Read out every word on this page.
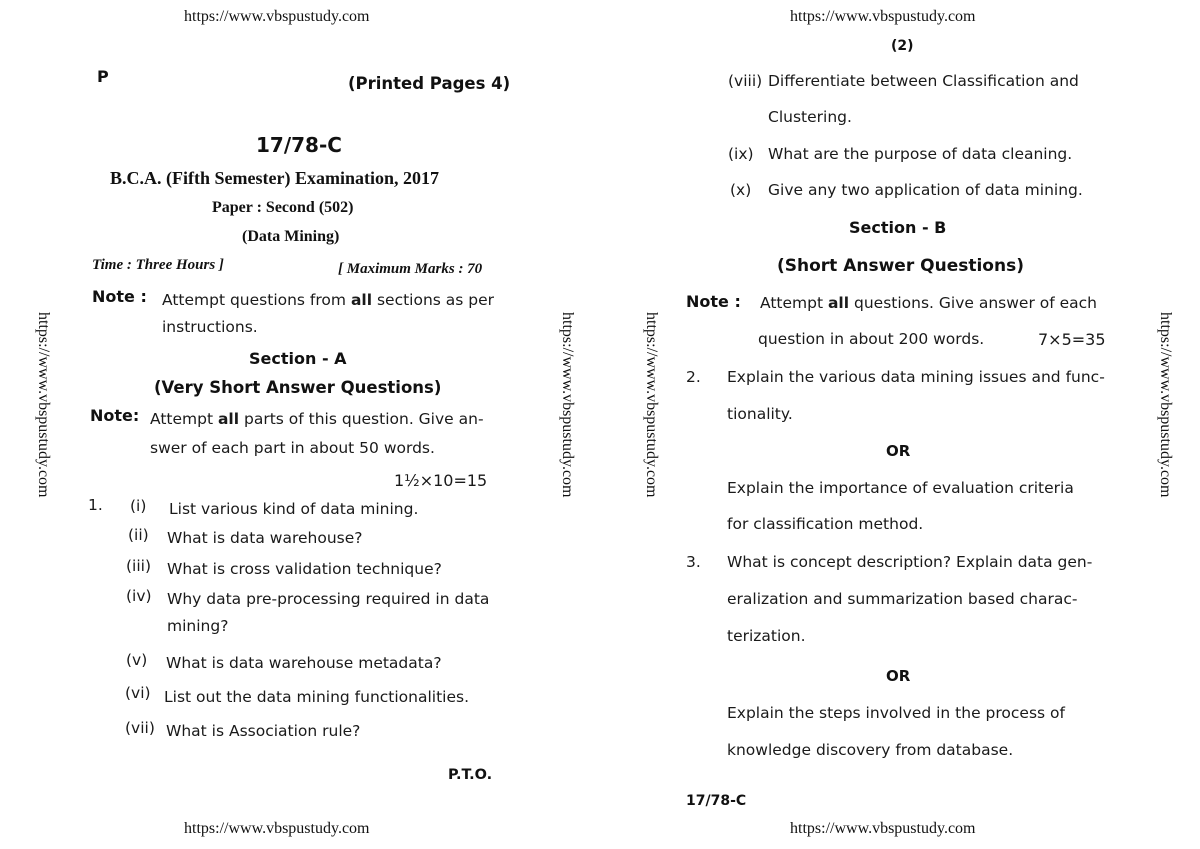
https://www.vbspustudy.com
P	(Printed Pages 4)
17/78-C
B.C.A. (Fifth Semester) Examination, 2017
Paper : Second (502)
(Data Mining)
Time : Three Hours ]	[ Maximum Marks : 70
Note : Attempt questions from all sections as per
instructions.
Section - A
(Very Short Answer Questions)
Note: Attempt all parts of this question. Give an-
swer of each part in about 50 words.
1½×10=15
1. (i) List various kind of data mining.
(ii) What is data warehouse?
(iii) What is cross validation technique?
(iv) Why data pre-processing required in data
mining?
(v) What is data warehouse metadata?
(vi) List out the data mining functionalities.
(vii) What is Association rule?
P.T.O.
https://www.vbspustudy.com
https://www.vbspustudy.com	https://www.vbspustudy.com
https://www.vbspustudy.com
(2)
(viii) Differentiate between Classification and
Clustering.
(ix) What are the purpose of data cleaning.
(x) Give any two application of data mining.
Section - B
(Short Answer Questions)
Note : Attempt all questions. Give answer of each
question in about 200 words.	7×5=35
2. Explain the various data mining issues and func-
tionality.
OR
Explain the importance of evaluation criteria
for classification method.
3. What is concept description? Explain data gen-
eralization and summarization based charac-
terization.
OR
Explain the steps involved in the process of
knowledge discovery from database.
17/78-C
https://www.vbspustudy.com
https://www.vbspustudy.com	https://www.vbspustudy.com
